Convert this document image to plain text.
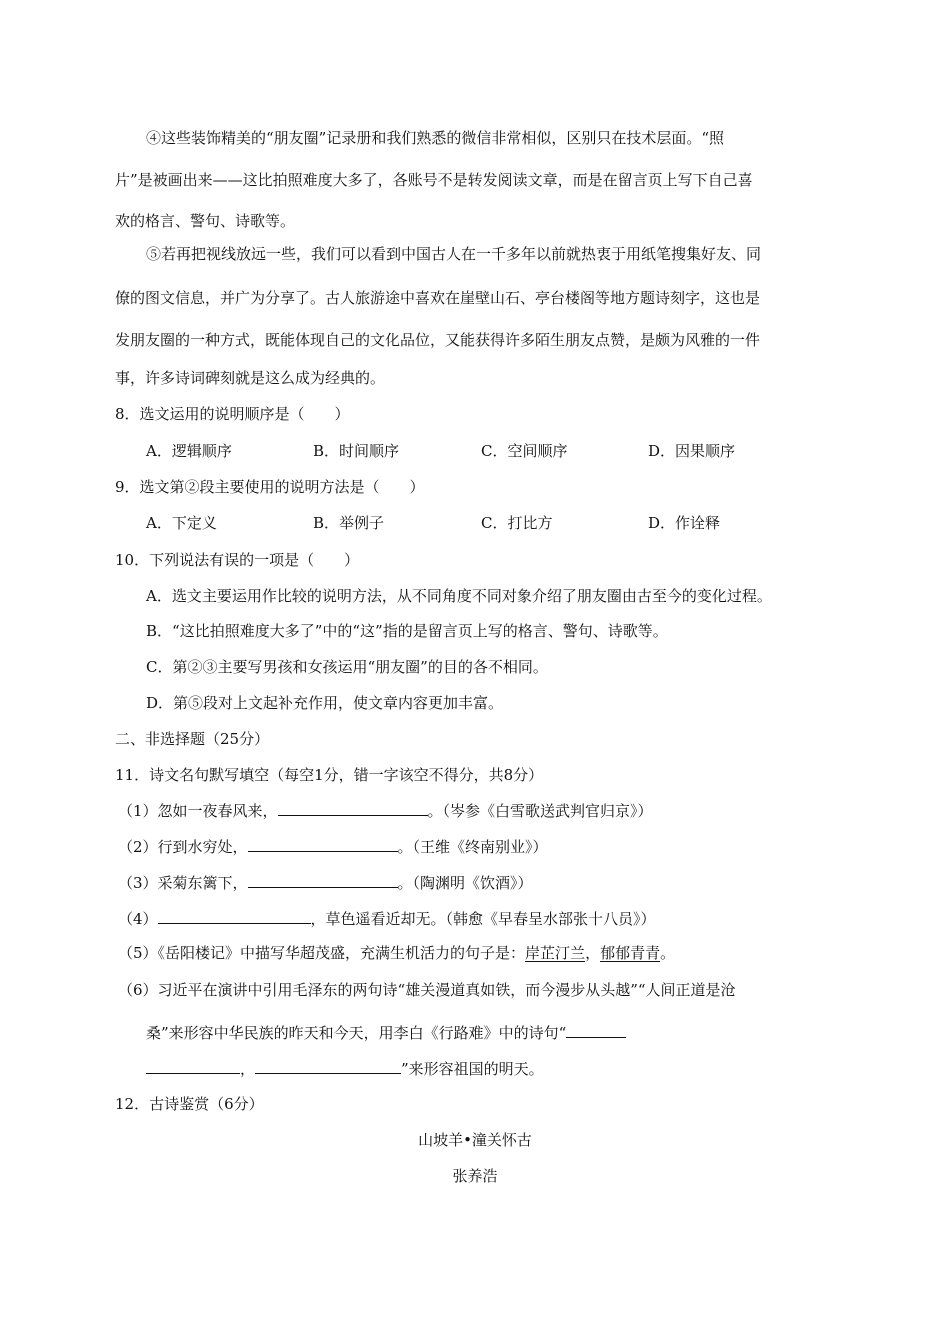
④这些装饰精美的“朋友圈”记录册和我们熟悉的微信非常相似，区别只在技术层面。“照
片”是被画出来——这比拍照难度大多了，各账号不是转发阅读文章，而是在留言页上写下自己喜
欢的格言、警句、诗歌等。
⑤若再把视线放远一些，我们可以看到中国古人在一千多年以前就热衷于用纸笔搜集好友、同
僚的图文信息，并广为分享了。古人旅游途中喜欢在崖壁山石、亭台楼阁等地方题诗刻字，这也是
发朋友圈的一种方式，既能体现自己的文化品位，又能获得许多陌生朋友点赞，是颇为风雅的一件
事，许多诗词碑刻就是这么成为经典的。
8．选文运用的说明顺序是（　　）
A．逻辑顺序	B．时间顺序	C．空间顺序	D．因果顺序
9．选文第②段主要使用的说明方法是（　　）
A．下定义	B．举例子	C．打比方	D．作诠释
10．下列说法有误的一项是（　　）
A．选文主要运用作比较的说明方法，从不同角度不同对象介绍了朋友圈由古至今的变化过程。
B．“这比拍照难度大多了”中的“这”指的是留言页上写的格言、警句、诗歌等。
C．第②③主要写男孩和女孩运用“朋友圈”的目的各不相同。
D．第⑤段对上文起补充作用，使文章内容更加丰富。
二、非选择题（25分）
11．诗文名句默写填空（每空1分，错一字该空不得分，共8分）
（1）忽如一夜春风来，	。（岑参《白雪歌送武判官归京》）
（2）行到水穷处，	。（王维《终南别业》）
（3）采菊东篱下，	。（陶渊明《饮酒》）
（4）	，草色遥看近却无。（韩愈《早春呈水部张十八员》）
（5）《岳阳楼记》中描写华超茂盛，充满生机活力的句子是：岸芷汀兰，郁郁青青。
（6）习近平在演讲中引用毛泽东的两句诗“雄关漫道真如铁，而今漫步从头越”“人间正道是沧
桑”来形容中华民族的昨天和今天，用李白《行路难》中的诗句“
，	”来形容祖国的明天。
12．古诗鉴赏（6分）
山坡羊•潼关怀古
张养浩
